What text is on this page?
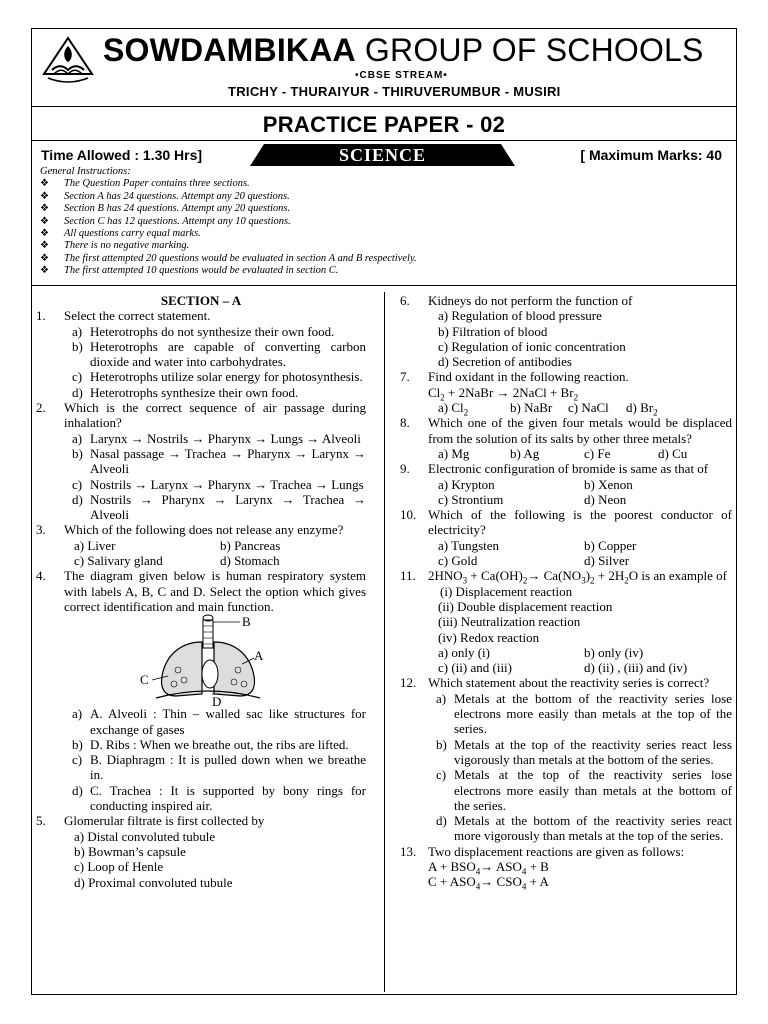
SOWDAMBIKAA GROUP OF SCHOOLS
•CBSE STREAM•
TRICHY - THURAIYUR - THIRUVERUMBUR - MUSIRI
PRACTICE PAPER - 02
Time Allowed : 1.30 Hrs]	SCIENCE	[ Maximum Marks: 40
General Instructions:
❖ The Question Paper contains three sections.
❖ Section A has 24 questions. Attempt any 20 questions.
❖ Section B has 24 questions. Attempt any 20 questions.
❖ Section C has 12 questions. Attempt any 10 questions.
❖ All questions carry equal marks.
❖ There is no negative marking.
❖ The first attempted 20 questions would be evaluated in section A and B respectively.
❖ The first attempted 10 questions would be evaluated in section C.
SECTION – A
1. Select the correct statement.
a) Heterotrophs do not synthesize their own food.
b) Heterotrophs are capable of converting carbon dioxide and water into carbohydrates.
c) Heterotrophs utilize solar energy for photosynthesis.
d) Heterotrophs synthesize their own food.
2. Which is the correct sequence of air passage during inhalation?
a) Larynx → Nostrils → Pharynx → Lungs → Alveoli
b) Nasal passage → Trachea → Pharynx → Larynx → Alveoli
c) Nostrils → Larynx → Pharynx → Trachea → Lungs
d) Nostrils → Pharynx → Larynx → Trachea → Alveoli
3. Which of the following does not release any enzyme?
a) Liver	b) Pancreas
c) Salivary gland	d) Stomach
4. The diagram given below is human respiratory system with labels A, B, C and D. Select the option which gives correct identification and main function.
B
A
C
D
a) A. Alveoli : Thin – walled sac like structures for exchange of gases
b) D. Ribs : When we breathe out, the ribs are lifted.
c) B. Diaphragm : It is pulled down when we breathe in.
d) C. Trachea : It is supported by bony rings for conducting inspired air.
5. Glomerular filtrate is first collected by
a) Distal convoluted tubule
b) Bowman’s capsule
c) Loop of Henle
d) Proximal convoluted tubule
6. Kidneys do not perform the function of
a) Regulation of blood pressure
b) Filtration of blood
c) Regulation of ionic concentration
d) Secretion of antibodies
7. Find oxidant in the following reaction.
$Cl_2$ + 2NaBr → 2NaCl + $Br_2$
a) $Cl_2$	b) NaBr	c) NaCl	d) $Br_2$
8. Which one of the given four metals would be displaced from the solution of its salts by other three metals?
a) Mg	b) Ag	c) Fe	d) Cu
9. Electronic configuration of bromide is same as that of
a) Krypton	b) Xenon
c) Strontium	d) Neon
10. Which of the following is the poorest conductor of electricity?
a) Tungsten	b) Copper
c) Gold	d) Silver
11. $2HNO_3 + Ca(OH)_2\to Ca(NO_3)_2 + 2H_2O$ is an example of
(i) Displacement reaction
(ii) Double displacement reaction
(iii) Neutralization reaction
(iv) Redox reaction
a) only (i)	b) only (iv)
c) (ii) and (iii)	d) (ii) , (iii) and (iv)
12. Which statement about the reactivity series is correct?
a) Metals at the bottom of the reactivity series lose electrons more easily than metals at the top of the series.
b) Metals at the top of the reactivity series react less vigorously than metals at the bottom of the series.
c) Metals at the top of the reactivity series lose electrons more easily than metals at the bottom of the series.
d) Metals at the bottom of the reactivity series react more vigorously than metals at the top of the series.
13. Two displacement reactions are given as follows:
$A + BSO_4\to ASO_4 + B$
$C + ASO_4\to CSO_4 + A$
